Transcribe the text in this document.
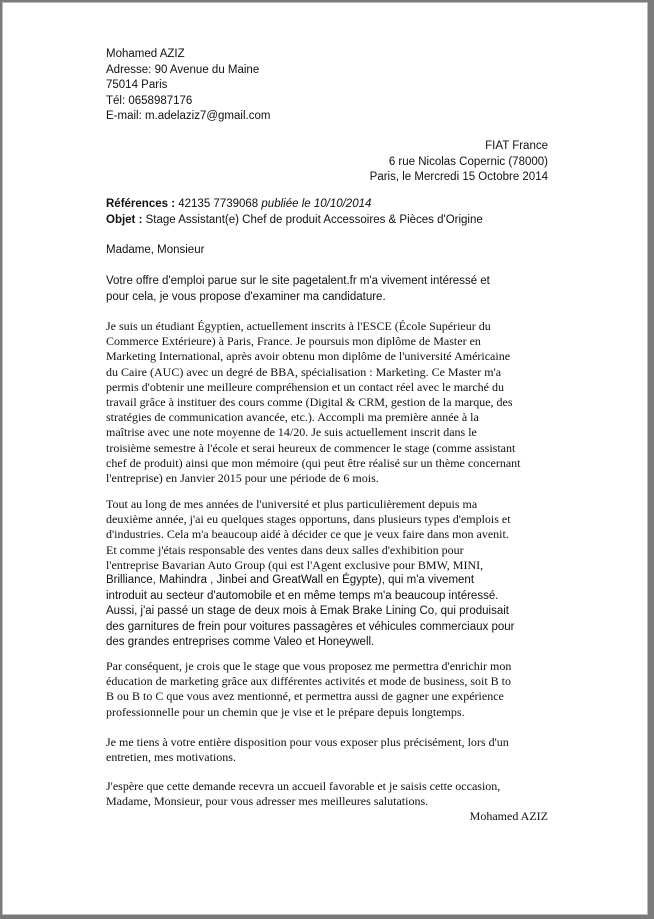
Mohamed AZIZ
Adresse: 90 Avenue du Maine
75014 Paris
Tél: 0658987176
E-mail: m.adelaziz7@gmail.com
FIAT France
6 rue Nicolas Copernic (78000)
Paris, le Mercredi 15 Octobre 2014
Références : 42135 7739068 publiée le 10/10/2014
Objet : Stage Assistant(e) Chef de produit Accessoires & Pièces d'Origine
Madame, Monsieur
Votre offre d'emploi parue sur le site pagetalent.fr m'a vivement intéressé et
pour cela, je vous propose d'examiner ma candidature.
Je suis un étudiant Égyptien, actuellement inscrits à l'ESCE (École Supérieur du
Commerce Extérieure) à Paris, France. Je poursuis mon diplôme de Master en
Marketing International, après avoir obtenu mon diplôme de l'université Américaine
du Caire (AUC) avec un degré de BBA, spécialisation : Marketing. Ce Master m'a
permis d'obtenir une meilleure compréhension et un contact réel avec le marché du
travail grâce à instituer des cours comme (Digital & CRM, gestion de la marque, des
stratégies de communication avancée, etc.). Accompli ma première année à la
maîtrise avec une note moyenne de 14/20. Je suis actuellement inscrit dans le
troisième semestre à l'école et serai heureux de commencer le stage (comme assistant
chef de produit) ainsi que mon mémoire (qui peut être réalisé sur un thème concernant
l'entreprise) en Janvier 2015 pour une période de 6 mois.
Tout au long de mes années de l'université et plus particulièrement depuis ma
deuxième année, j'ai eu quelques stages opportuns, dans plusieurs types d'emplois et
d'industries. Cela m'a beaucoup aidé à décider ce que je veux faire dans mon avenit.
Et comme j'étais responsable des ventes dans deux salles d'exhibition pour
l'entreprise Bavarian Auto Group (qui est l'Agent exclusive pour BMW, MINI,
Brilliance, Mahindra , Jinbei and GreatWall en Égypte), qui m'a vivement
introduit au secteur d'automobile et en même temps m'a beaucoup intéressé.
Aussi, j'ai passé un stage de deux mois à Emak Brake Lining Co, qui produisait
des garnitures de frein pour voitures passagères et véhicules commerciaux pour
des grandes entreprises comme Valeo et Honeywell.
Par conséquent, je crois que le stage que vous proposez me permettra d'enrichir mon
éducation de marketing grâce aux différentes activités et mode de business, soit B to
B ou B to C que vous avez mentionné, et permettra aussi de gagner une expérience
professionnelle pour un chemin que je vise et le prépare depuis longtemps.
Je me tiens à votre entière disposition pour vous exposer plus précisément, lors d'un
entretien, mes motivations.
J'espère que cette demande recevra un accueil favorable et je saisis cette occasion,
Madame, Monsieur, pour vous adresser mes meilleures salutations.
Mohamed AZIZ
